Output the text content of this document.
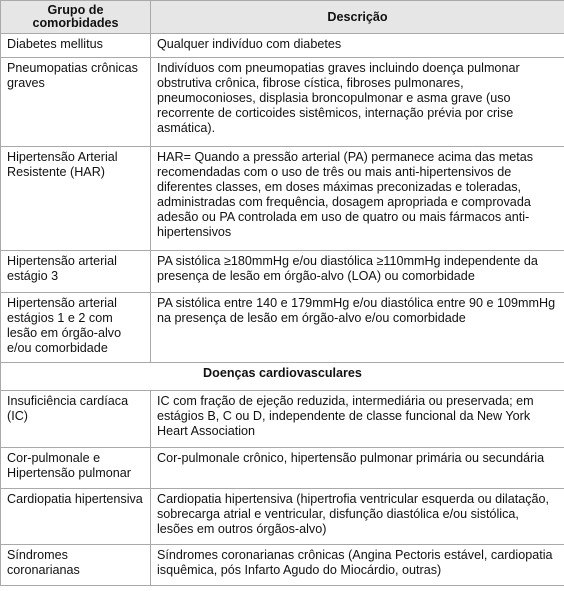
Grupo de comorbidades	Descrição
Diabetes mellitus	Qualquer indivíduo com diabetes
Pneumopatias crônicas graves	Indivíduos com pneumopatias graves incluindo doença pulmonar obstrutiva crônica, fibrose cística, fibroses pulmonares, pneumoconioses, displasia broncopulmonar e asma grave (uso recorrente de corticoides sistêmicos, internação prévia por crise asmática).
Hipertensão Arterial Resistente (HAR)	HAR= Quando a pressão arterial (PA) permanece acima das metas recomendadas com o uso de três ou mais anti-hipertensivos de diferentes classes, em doses máximas preconizadas e toleradas, administradas com frequência, dosagem apropriada e comprovada adesão ou PA controlada em uso de quatro ou mais fármacos anti-hipertensivos
Hipertensão arterial estágio 3	PA sistólica ≥180mmHg e/ou diastólica ≥110mmHg independente da presença de lesão em órgão-alvo (LOA) ou comorbidade
Hipertensão arterial estágios 1 e 2 com lesão em órgão-alvo e/ou comorbidade	PA sistólica entre 140 e 179mmHg e/ou diastólica entre 90 e 109mmHg na presença de lesão em órgão-alvo e/ou comorbidade
Doenças cardiovasculares	
Insuficiência cardíaca (IC)	IC com fração de ejeção reduzida, intermediária ou preservada; em estágios B, C ou D, independente de classe funcional da New York Heart Association
Cor-pulmonale e Hipertensão pulmonar	Cor-pulmonale crônico, hipertensão pulmonar primária ou secundária
Cardiopatia hipertensiva	Cardiopatia hipertensiva (hipertrofia ventricular esquerda ou dilatação, sobrecarga atrial e ventricular, disfunção diastólica e/ou sistólica, lesões em outros órgãos-alvo)
Síndromes coronarianas	Síndromes coronarianas crônicas (Angina Pectoris estável, cardiopatia isquêmica, pós Infarto Agudo do Miocárdio, outras)
